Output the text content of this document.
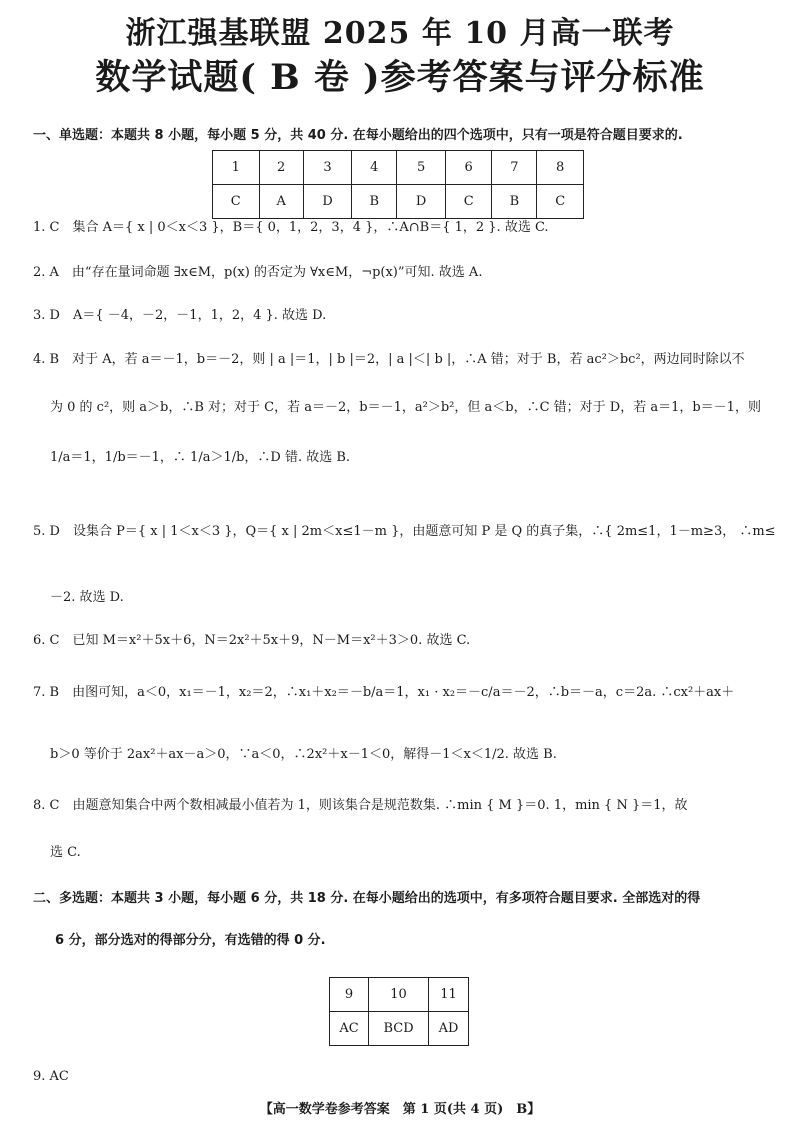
浙江强基联盟 2025 年 10 月高一联考
数学试题( B 卷 )参考答案与评分标准
一、单选题：本题共 8 小题，每小题 5 分，共 40 分. 在每小题给出的四个选项中，只有一项是符合题目要求的.
1	2	3	4	5	6	7	8
C	A	D	B	D	C	B	C
1. C　集合 A＝{ x | 0＜x＜3 }，B＝{ 0，1，2，3，4 }，∴A∩B＝{ 1，2 }. 故选 C.
2. A　由“存在量词命题 ∃x∈M，p(x) 的否定为 ∀x∈M，¬p(x)”可知. 故选 A.
3. D　A＝{ －4，－2，－1，1，2，4 }. 故选 D.
4. B　对于 A，若 a＝－1，b＝－2，则 | a |＝1，| b |＝2，| a |＜| b |，∴A 错；对于 B，若 ac²＞bc²，两边同时除以不
为 0 的 c²，则 a＞b，∴B 对；对于 C，若 a＝－2，b＝－1，a²＞b²，但 a＜b，∴C 错；对于 D，若 a＝1，b＝－1，则
1/a＝1，1/b＝－1，∴ 1/a＞1/b，∴D 错. 故选 B.
5. D　设集合 P＝{ x | 1＜x＜3 }，Q＝{ x | 2m＜x≤1－m }，由题意可知 P 是 Q 的真子集，∴{ 2m≤1，1－m≥3， ∴m≤
－2. 故选 D.
6. C　已知 M＝x²＋5x＋6，N＝2x²＋5x＋9，N－M＝x²＋3＞0. 故选 C.
7. B　由图可知，a＜0，x₁＝－1，x₂＝2，∴x₁＋x₂＝－b/a＝1，x₁ · x₂＝－c/a＝－2，∴b＝－a，c＝2a. ∴cx²＋ax＋
b＞0 等价于 2ax²＋ax－a＞0，∵a＜0，∴2x²＋x－1＜0，解得－1＜x＜1/2. 故选 B.
8. C　由题意知集合中两个数相减最小值若为 1，则该集合是规范数集. ∴min { M }＝0. 1，min { N }＝1，故
选 C.
二、多选题：本题共 3 小题，每小题 6 分，共 18 分. 在每小题给出的选项中，有多项符合题目要求. 全部选对的得
6 分，部分选对的得部分分，有选错的得 0 分.
9	10	11
AC	BCD	AD
9. AC
【高一数学卷参考答案　第 1 页(共 4 页)　B】
